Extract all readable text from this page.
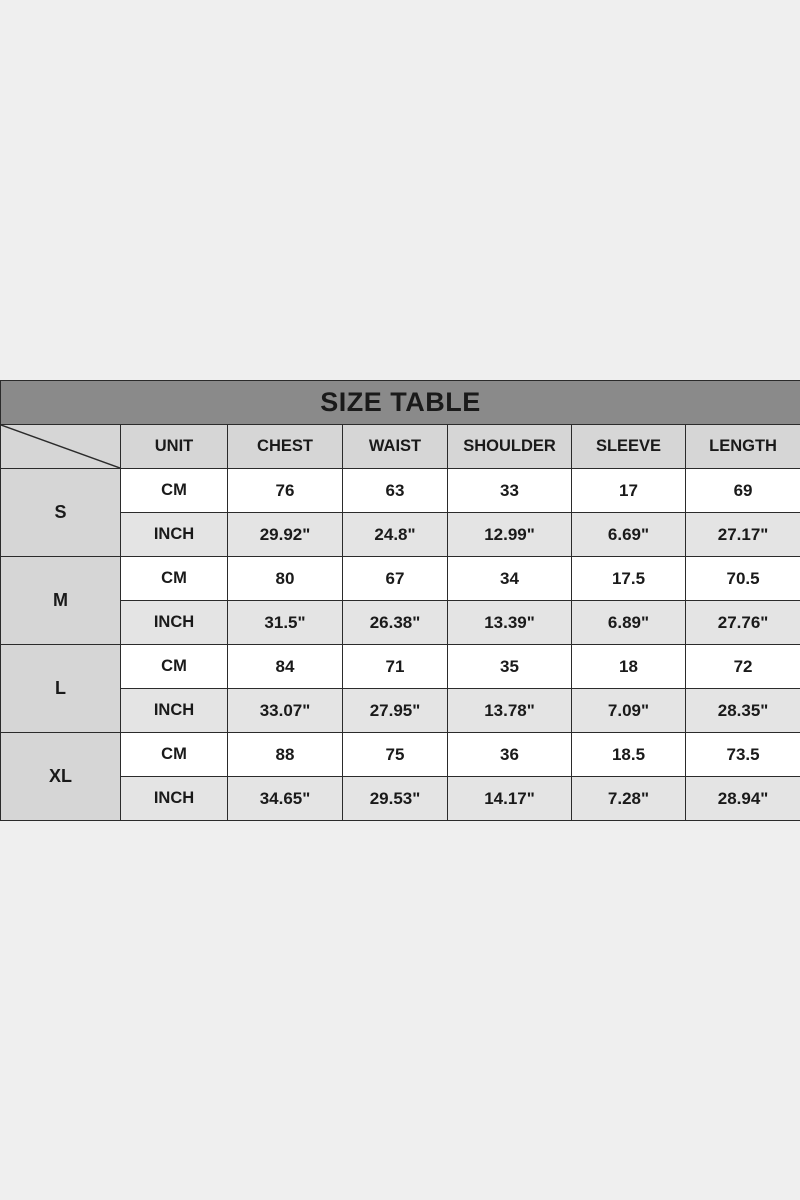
SIZE TABLE						

	UNIT	CHEST	WAIST	SHOULDER	SLEEVE	LENGTH
S	CM	76	63	33	17	69
	INCH	29.92"	24.8"	12.99"	6.69"	27.17"
M	CM	80	67	34	17.5	70.5
	INCH	31.5"	26.38"	13.39"	6.89"	27.76"
L	CM	84	71	35	18	72
	INCH	33.07"	27.95"	13.78"	7.09"	28.35"
XL	CM	88	75	36	18.5	73.5
	INCH	34.65"	29.53"	14.17"	7.28"	28.94"
